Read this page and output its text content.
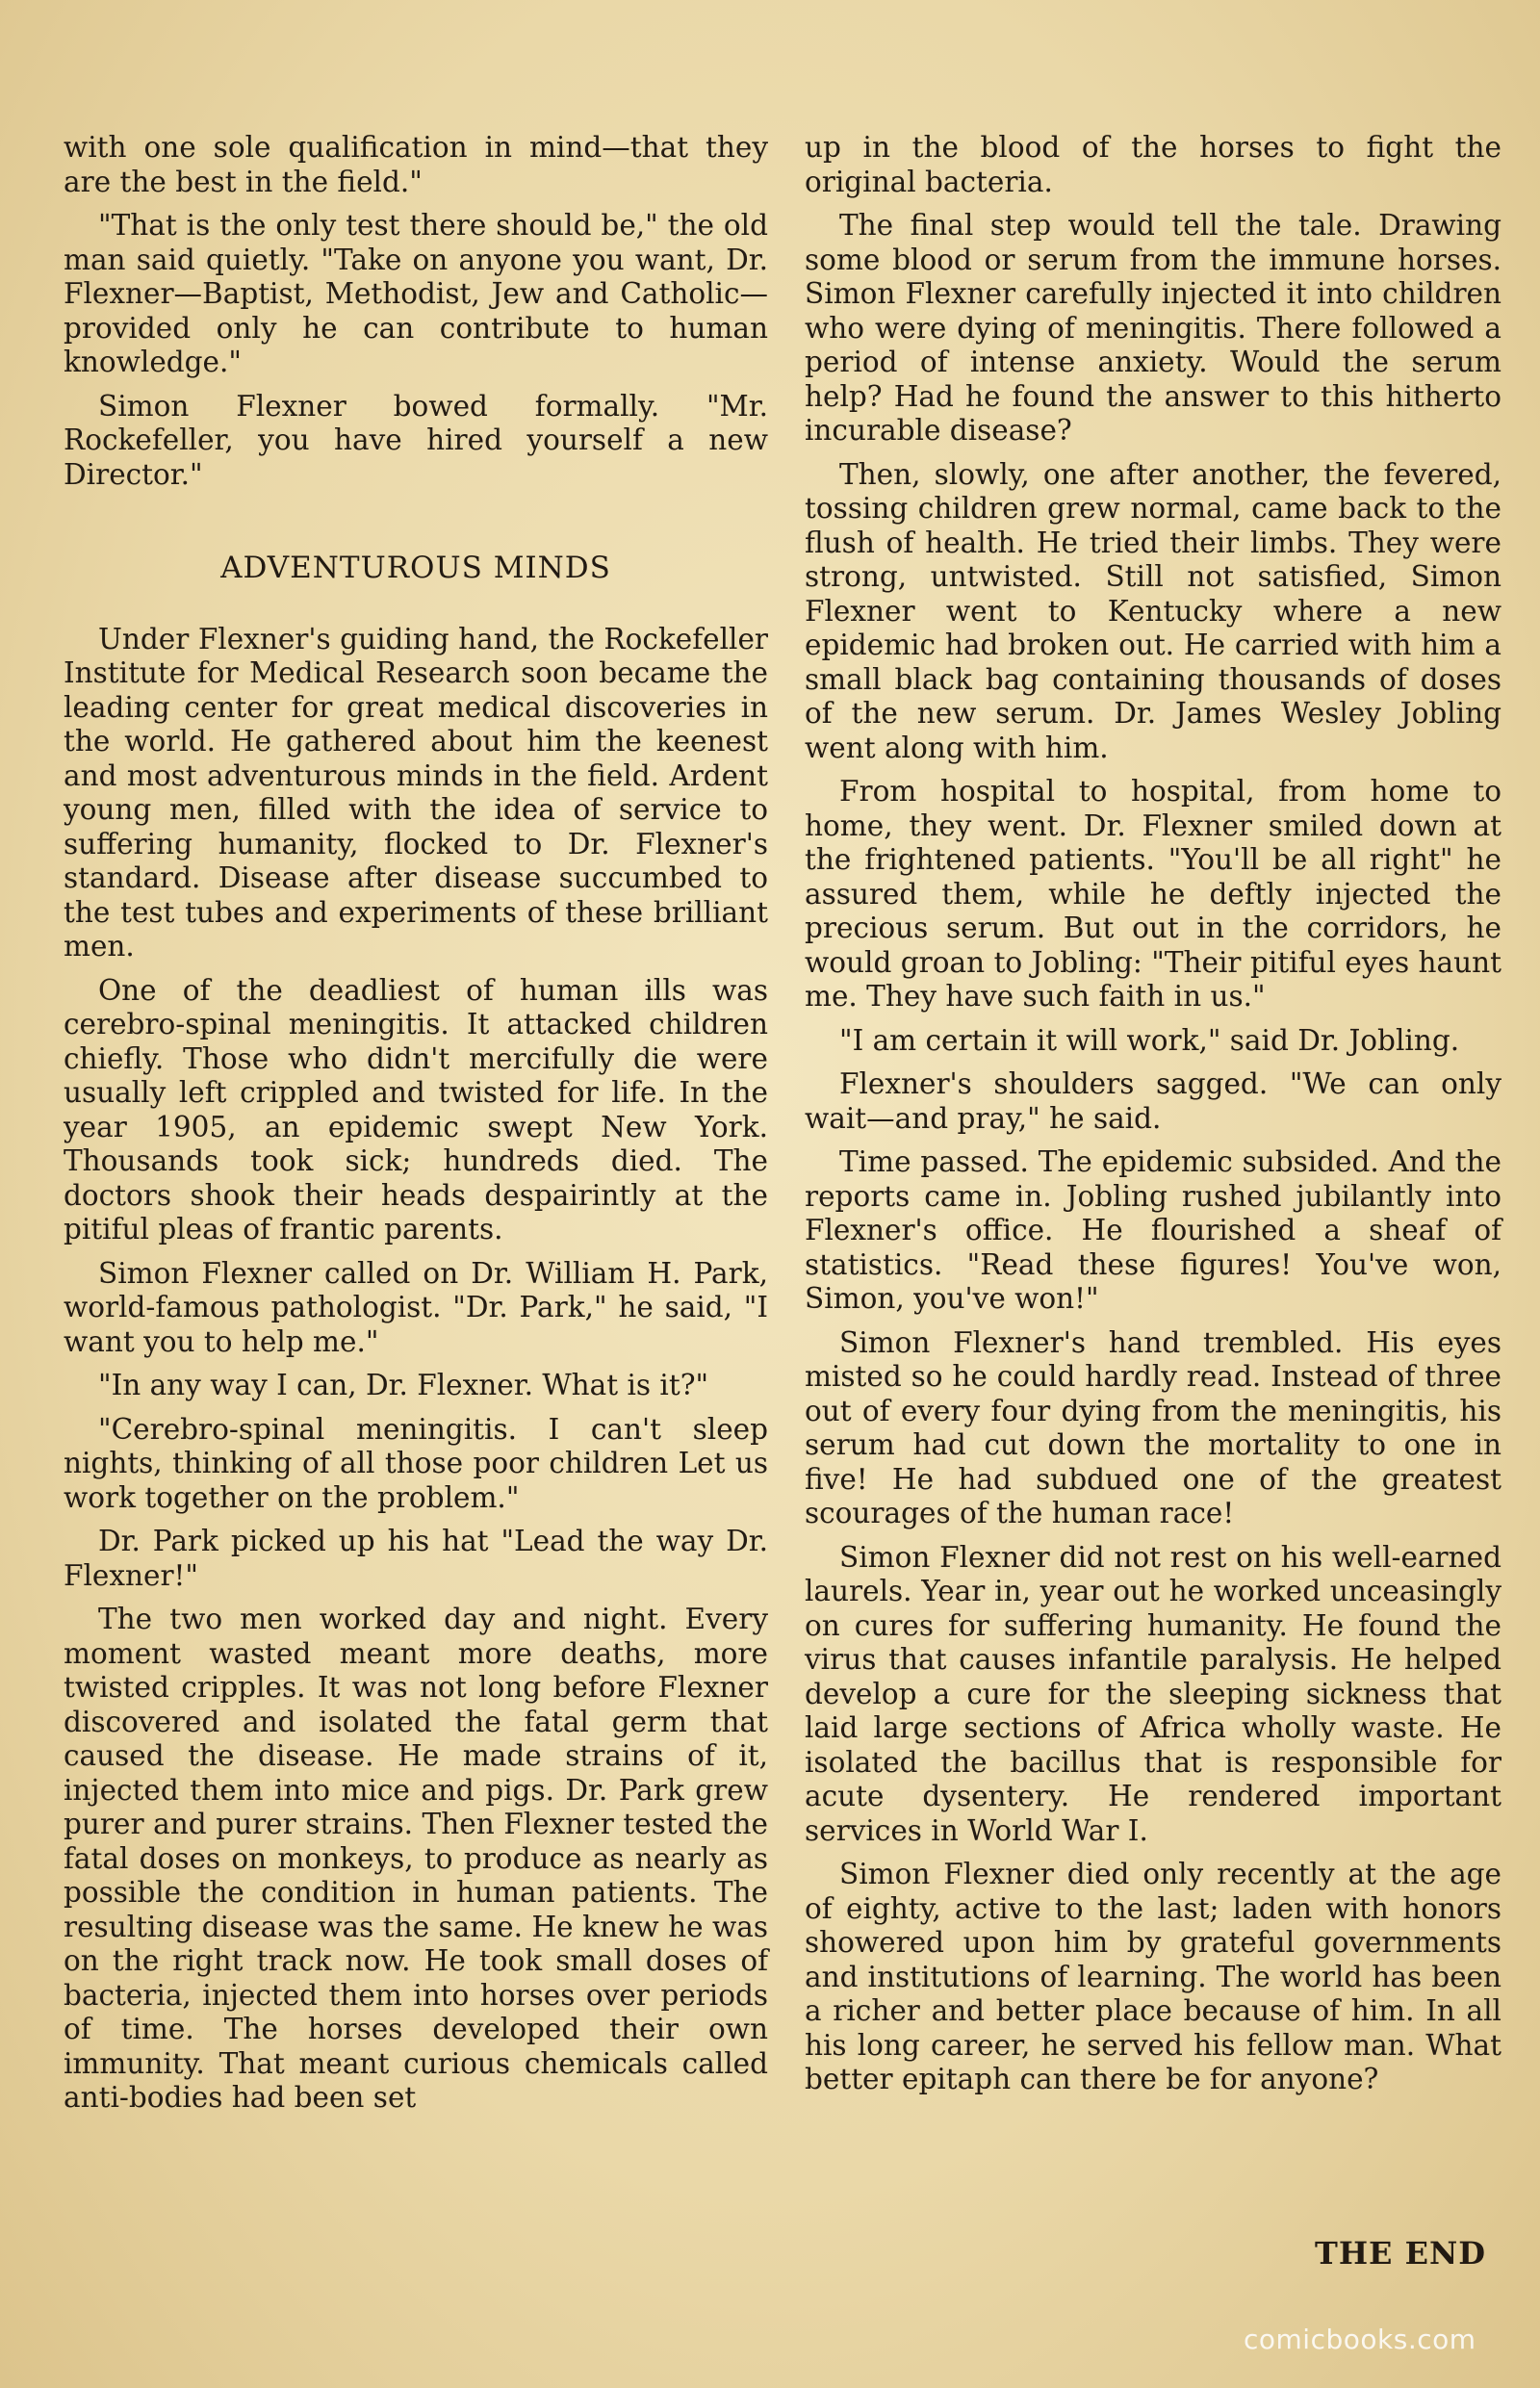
with one sole qualification in mind—that they are the best in the field."

"That is the only test there should be," the old man said quietly. "Take on anyone you want, Dr. Flexner—Baptist, Methodist, Jew and Catholic—provided only he can contribute to human knowledge."

Simon Flexner bowed formally. "Mr. Rockefeller, you have hired yourself a new Director."

ADVENTUROUS MINDS

Under Flexner's guiding hand, the Rockefeller Institute for Medical Research soon became the leading center for great medical discoveries in the world. He gathered about him the keenest and most adventurous minds in the field. Ardent young men, filled with the idea of service to suffering humanity, flocked to Dr. Flexner's standard. Disease after disease succumbed to the test tubes and experiments of these brilliant men.

One of the deadliest of human ills was cerebro-spinal meningitis. It attacked children chiefly. Those who didn't mercifully die were usually left crippled and twisted for life. In the year 1905, an epidemic swept New York. Thousands took sick; hundreds died. The doctors shook their heads despairintly at the pitiful pleas of frantic parents.

Simon Flexner called on Dr. William H. Park, world-famous pathologist. "Dr. Park," he said, "I want you to help me."

"In any way I can, Dr. Flexner. What is it?"

"Cerebro-spinal meningitis. I can't sleep nights, thinking of all those poor children Let us work together on the problem."

Dr. Park picked up his hat "Lead the way Dr. Flexner!"

The two men worked day and night. Every moment wasted meant more deaths, more twisted cripples. It was not long before Flexner discovered and isolated the fatal germ that caused the disease. He made strains of it, injected them into mice and pigs. Dr. Park grew purer and purer strains. Then Flexner tested the fatal doses on monkeys, to produce as nearly as possible the condition in human patients. The resulting disease was the same. He knew he was on the right track now. He took small doses of bacteria, injected them into horses over periods of time. The horses developed their own immunity. That meant curious chemicals called anti-bodies had been set

up in the blood of the horses to fight the original bacteria.

The final step would tell the tale. Drawing some blood or serum from the immune horses. Simon Flexner carefully injected it into children who were dying of meningitis. There followed a period of intense anxiety. Would the serum help? Had he found the answer to this hitherto incurable disease?

Then, slowly, one after another, the fevered, tossing children grew normal, came back to the flush of health. He tried their limbs. They were strong, untwisted. Still not satisfied, Simon Flexner went to Kentucky where a new epidemic had broken out. He carried with him a small black bag containing thousands of doses of the new serum. Dr. James Wesley Jobling went along with him.

From hospital to hospital, from home to home, they went. Dr. Flexner smiled down at the frightened patients. "You'll be all right" he assured them, while he deftly injected the precious serum. But out in the corridors, he would groan to Jobling: "Their pitiful eyes haunt me. They have such faith in us."

"I am certain it will work," said Dr. Jobling.

Flexner's shoulders sagged. "We can only wait—and pray," he said.

Time passed. The epidemic subsided. And the reports came in. Jobling rushed jubilantly into Flexner's office. He flourished a sheaf of statistics. "Read these figures! You've won, Simon, you've won!"

Simon Flexner's hand trembled. His eyes misted so he could hardly read. Instead of three out of every four dying from the meningitis, his serum had cut down the mortality to one in five! He had subdued one of the greatest scourages of the human race!

Simon Flexner did not rest on his well-earned laurels. Year in, year out he worked unceasingly on cures for suffering humanity. He found the virus that causes infantile paralysis. He helped develop a cure for the sleeping sickness that laid large sections of Africa wholly waste. He isolated the bacillus that is responsible for acute dysentery. He rendered important services in World War I.

Simon Flexner died only recently at the age of eighty, active to the last; laden with honors showered upon him by grateful governments and institutions of learning. The world has been a richer and better place because of him. In all his long career, he served his fellow man. What better epitaph can there be for anyone?

THE END
comicbooks.com
